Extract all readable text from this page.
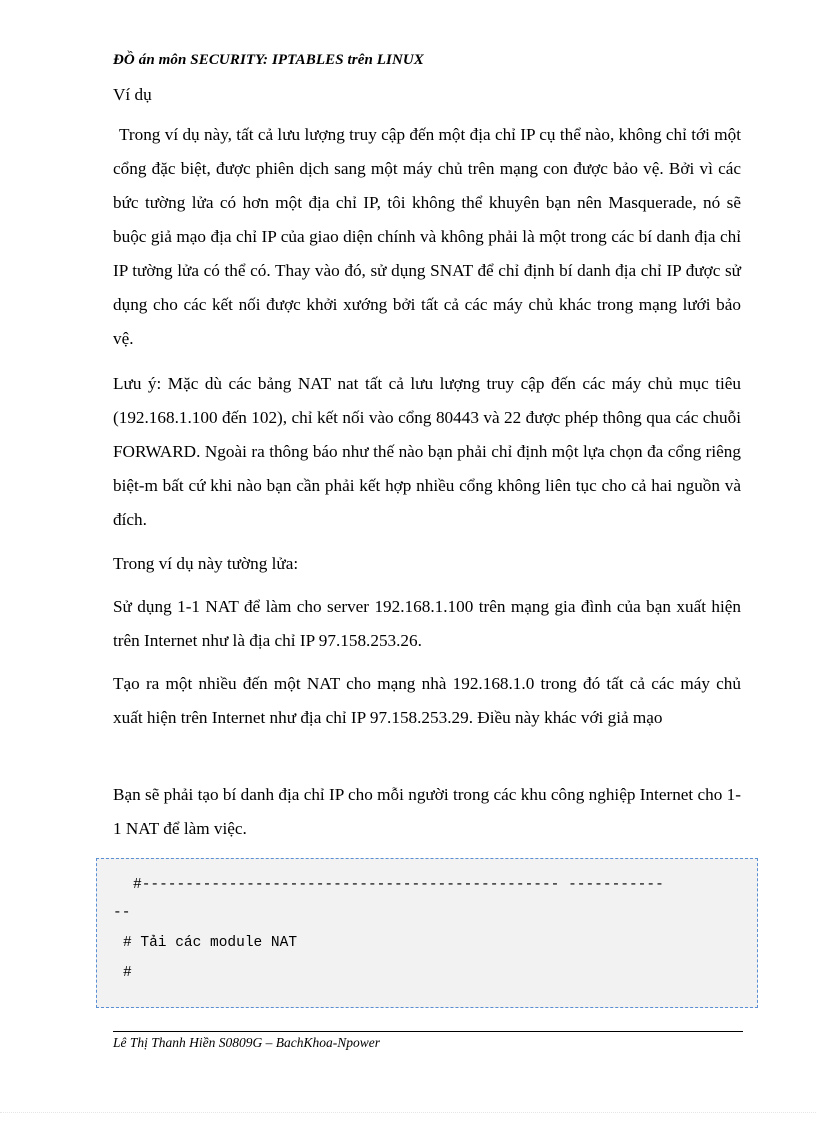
ĐỒ án môn SECURITY: IPTABLES trên LINUX

Ví dụ

Trong ví dụ này, tất cả lưu lượng truy cập đến một địa chỉ IP cụ thể nào, không chỉ tới một cổng đặc biệt, được phiên dịch sang một máy chủ trên mạng con được bảo vệ. Bởi vì các bức tường lửa có hơn một địa chỉ IP, tôi không thể khuyên bạn nên Masquerade, nó sẽ buộc giả mạo địa chỉ IP của giao diện chính và không phải là một trong các bí danh địa chỉ IP tường lửa có thể có. Thay vào đó, sử dụng SNAT để chỉ định bí danh địa chỉ IP được sử dụng cho các kết nối được khởi xướng bởi tất cả các máy chủ khác trong mạng lưới bảo vệ.

Lưu ý: Mặc dù các bảng NAT nat tất cả lưu lượng truy cập đến các máy chủ mục tiêu (192.168.1.100 đến 102), chỉ kết nối vào cổng 80443 và 22 được phép thông qua các chuỗi FORWARD. Ngoài ra thông báo như thế nào bạn phải chỉ định một lựa chọn đa cổng riêng biệt-m bất cứ khi nào bạn cần phải kết hợp nhiều cổng không liên tục cho cả hai nguồn và đích.

Trong ví dụ này tường lửa:

Sử dụng 1-1 NAT để làm cho server 192.168.1.100 trên mạng gia đình của bạn xuất hiện trên Internet như là địa chỉ IP 97.158.253.26.

Tạo ra một nhiều đến một NAT cho mạng nhà 192.168.1.0 trong đó tất cả các máy chủ xuất hiện trên Internet như địa chỉ IP 97.158.253.29. Điều này khác với giả mạo

Bạn sẽ phải tạo bí danh địa chỉ IP cho mỗi người trong các khu công nghiệp Internet cho 1-1 NAT để làm việc.

#------------------------------------------------ -----------
--
# Tải các module NAT
#
Lê Thị Thanh Hiền S0809G – BachKhoa-Npower
